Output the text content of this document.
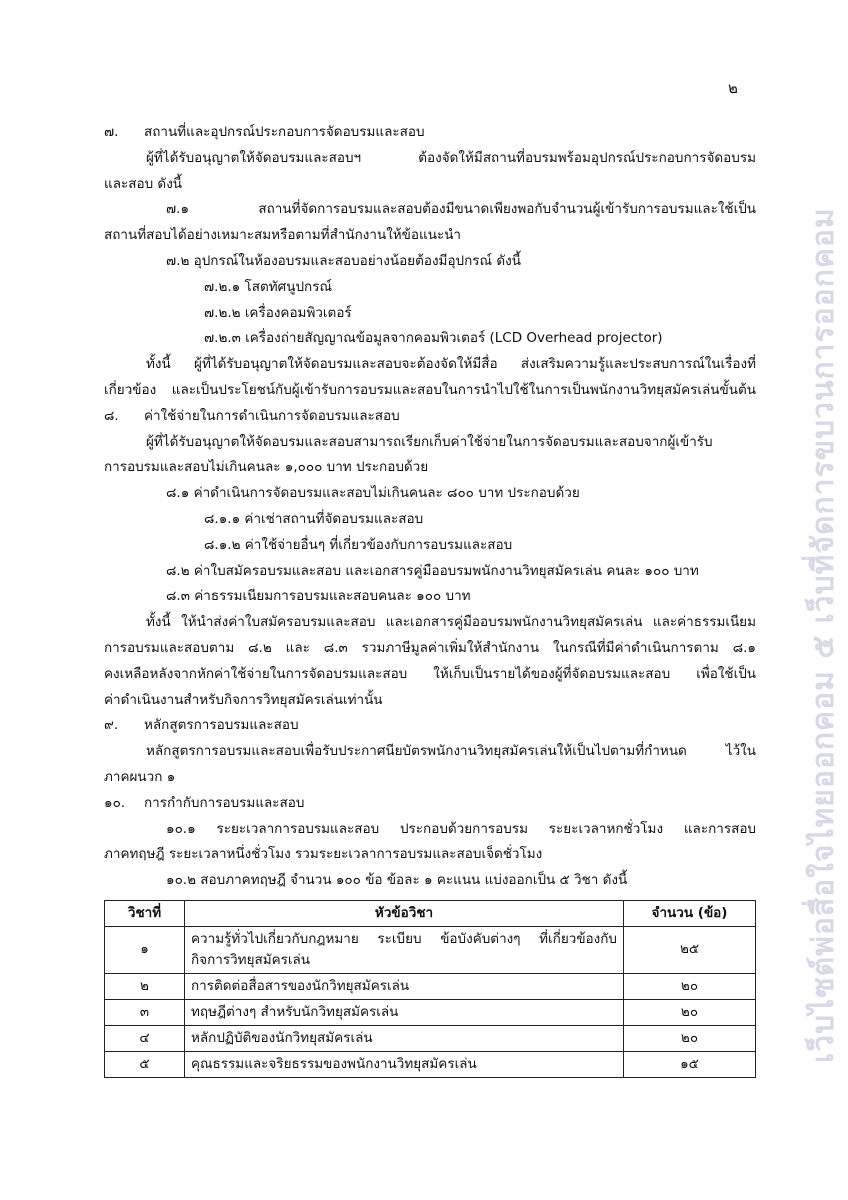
๒
เว็บไซต์พ่อ​สื่อ​ใจ​ไทย​ออกคอม ๕ เว็บที่จัดการขบวนการออกคอม
๗.	สถานที่และอุปกรณ์ประกอบการจัดอบรมและสอบ

ผู้ที่ได้รับอนุญาตให้จัดอบรมและสอบฯ ต้องจัดให้มีสถานที่อบรมพร้อมอุปกรณ์ประกอบการจัดอบรม

และสอบ ดังนี้

๗.๑ สถานที่จัดการอบรมและสอบต้องมีขนาดเพียงพอกับจำนวนผู้เข้ารับการอบรมและใช้เป็น

สถานที่สอบได้อย่างเหมาะสมหรือตามที่สำนักงานให้ข้อแนะนำ

๗.๒ อุปกรณ์ในห้องอบรมและสอบอย่างน้อยต้องมีอุปกรณ์ ดังนี้

๗.๒.๑ โสตทัศนูปกรณ์

๗.๒.๒ เครื่องคอมพิวเตอร์

๗.๒.๓ เครื่องถ่ายสัญญาณข้อมูลจากคอมพิวเตอร์ (LCD Overhead projector)

ทั้งนี้ ผู้ที่ได้รับอนุญาตให้จัดอบรมและสอบจะต้องจัดให้มีสื่อ ส่งเสริมความรู้และประสบการณ์ในเรื่องที่

เกี่ยวข้อง และเป็นประโยชน์กับผู้เข้ารับการอบรมและสอบในการนำไปใช้ในการเป็นพนักงานวิทยุสมัครเล่นขั้นต้น

๘.	ค่าใช้จ่ายในการดำเนินการจัดอบรมและสอบ

ผู้ที่ได้รับอนุญาตให้จัดอบรมและสอบสามารถเรียกเก็บค่าใช้จ่ายในการจัดอบรมและสอบจากผู้เข้ารับ

การอบรมและสอบไม่เกินคนละ ๑,๐๐๐ บาท ประกอบด้วย

๘.๑ ค่าดำเนินการจัดอบรมและสอบไม่เกินคนละ ๘๐๐ บาท ประกอบด้วย

๘.๑.๑ ค่าเช่าสถานที่จัดอบรมและสอบ

๘.๑.๒ ค่าใช้จ่ายอื่นๆ ที่เกี่ยวข้องกับการอบรมและสอบ

๘.๒ ค่าใบสมัครอบรมและสอบ และเอกสารคู่มืออบรมพนักงานวิทยุสมัครเล่น คนละ ๑๐๐ บาท

๘.๓ ค่าธรรมเนียมการอบรมและสอบคนละ ๑๐๐ บาท

ทั้งนี้ ให้นำส่งค่าใบสมัครอบรมและสอบ และเอกสารคู่มืออบรมพนักงานวิทยุสมัครเล่น และค่าธรรมเนียม

การอบรมและสอบตาม ๘.๒ และ ๘.๓ รวมภาษีมูลค่าเพิ่มให้สำนักงาน ในกรณีที่มีค่าดำเนินการตาม ๘.๑

คงเหลือหลังจากหักค่าใช้จ่ายในการจัดอบรมและสอบ ให้เก็บเป็นรายได้ของผู้ที่จัดอบรมและสอบ เพื่อใช้เป็น

ค่าดำเนินงานสำหรับกิจการวิทยุสมัครเล่นเท่านั้น

๙.	หลักสูตรการอบรมและสอบ

หลักสูตรการอบรมและสอบเพื่อรับประกาศนียบัตรพนักงานวิทยุสมัครเล่นให้เป็นไปตามที่กำหนด ไว้ใน

ภาคผนวก ๑

๑๐.	การกำกับการอบรมและสอบ

๑๐.๑ ระยะเวลาการอบรมและสอบ ประกอบด้วยการอบรม ระยะเวลาหกชั่วโมง และการสอบ

ภาคทฤษฎี ระยะเวลาหนึ่งชั่วโมง รวมระยะเวลาการอบรมและสอบเจ็ดชั่วโมง

๑๐.๒ สอบภาคทฤษฎี จำนวน ๑๐๐ ข้อ ข้อละ ๑ คะแนน แบ่งออกเป็น ๕ วิชา ดังนี้

วิชาที่	หัวข้อวิชา	จำนวน (ข้อ)
๑	ความรู้ทั่วไปเกี่ยวกับกฎหมาย ระเบียบ ข้อบังคับต่างๆ ที่เกี่ยวข้องกับ
กิจการวิทยุสมัครเล่น	๒๕
๒	การติดต่อสื่อสารของนักวิทยุสมัครเล่น	๒๐
๓	ทฤษฎีต่างๆ สำหรับนักวิทยุสมัครเล่น	๒๐
๔	หลักปฏิบัติของนักวิทยุสมัครเล่น	๒๐
๕	คุณธรรมและจริยธรรมของพนักงานวิทยุสมัครเล่น	๑๕
